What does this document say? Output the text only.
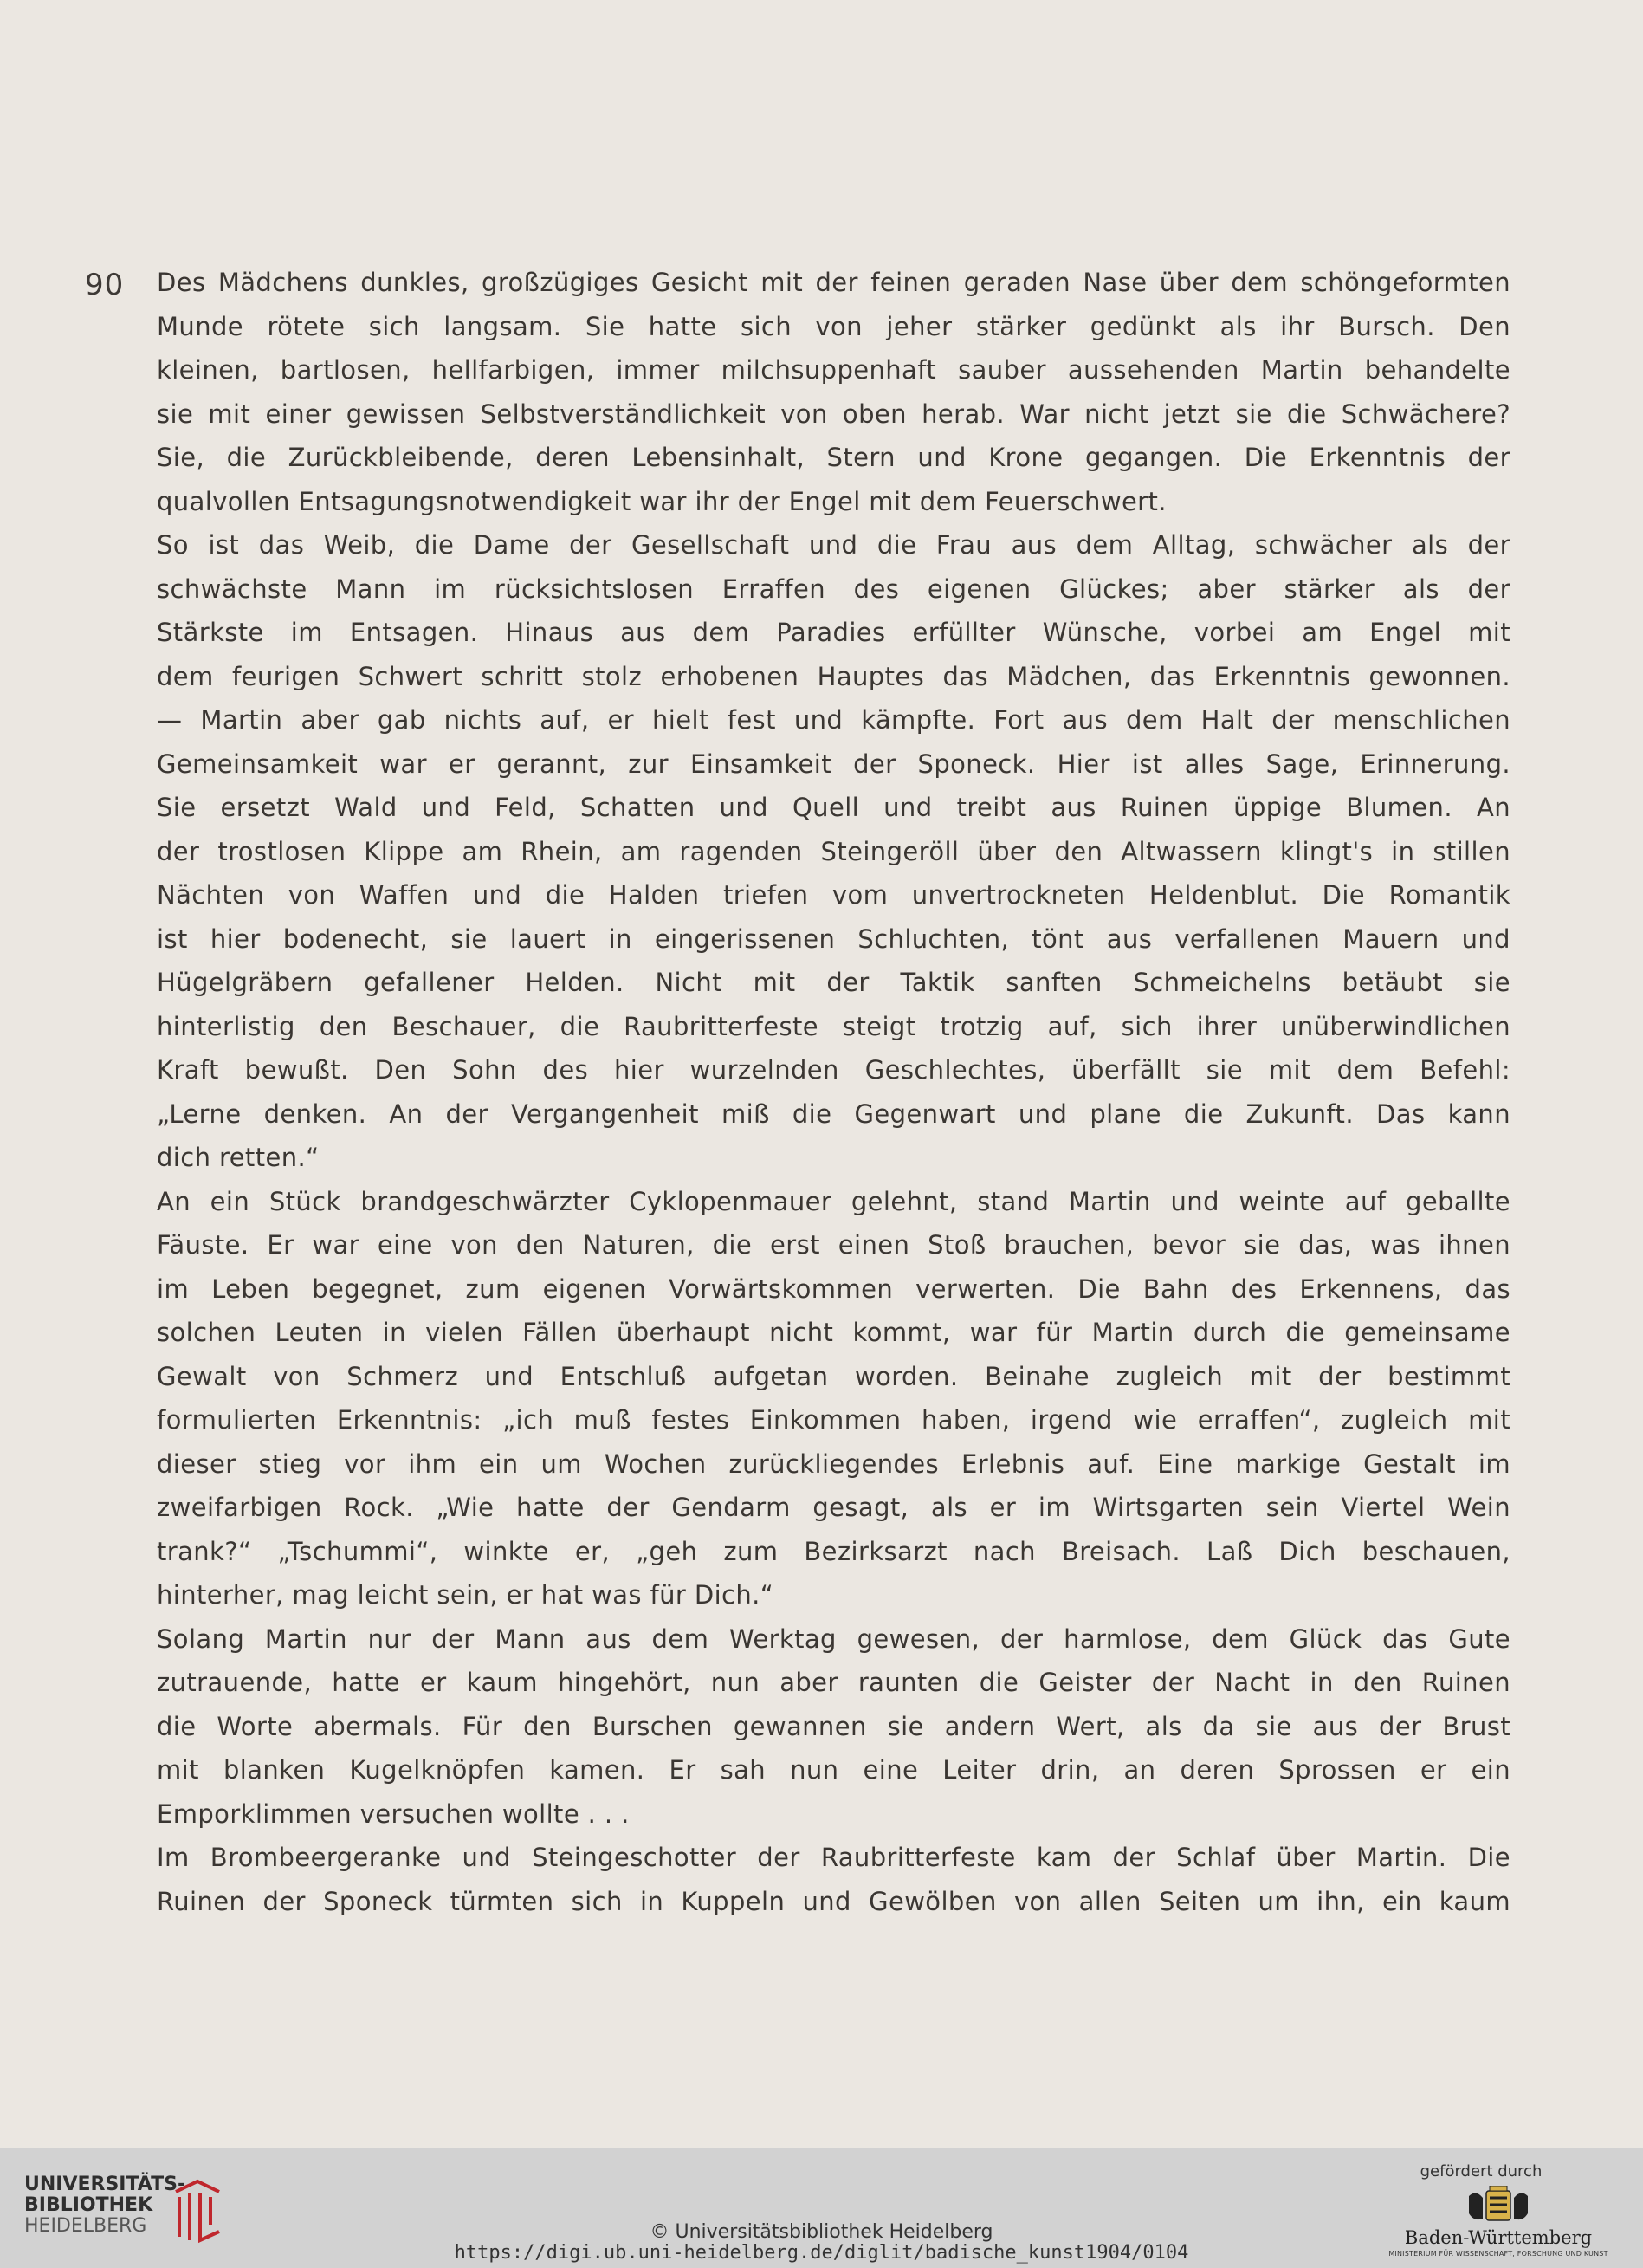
90 Des Mädchens dunkles, großzügiges Gesicht mit der feinen geraden Nase über dem schöngeformten
Munde rötete sich langsam. Sie hatte sich von jeher stärker gedünkt als ihr Bursch. Den
kleinen, bartlosen, hellfarbigen, immer milchsuppenhaft sauber aussehenden Martin behandelte
sie mit einer gewissen Selbstverständlichkeit von oben herab. War nicht jetzt sie die Schwächere?
Sie, die Zurückbleibende, deren Lebensinhalt, Stern und Krone gegangen. Die Erkenntnis der
qualvollen Entsagungsnotwendigkeit war ihr der Engel mit dem Feuerschwert.
So ist das Weib, die Dame der Gesellschaft und die Frau aus dem Alltag, schwächer als der
schwächste Mann im rücksichtslosen Erraffen des eigenen Glückes; aber stärker als der
Stärkste im Entsagen. Hinaus aus dem Paradies erfüllter Wünsche, vorbei am Engel mit
dem feurigen Schwert schritt stolz erhobenen Hauptes das Mädchen, das Erkenntnis gewonnen.
— Martin aber gab nichts auf, er hielt fest und kämpfte. Fort aus dem Halt der menschlichen
Gemeinsamkeit war er gerannt, zur Einsamkeit der Sponeck. Hier ist alles Sage, Erinnerung.
Sie ersetzt Wald und Feld, Schatten und Quell und treibt aus Ruinen üppige Blumen. An
der trostlosen Klippe am Rhein, am ragenden Steingeröll über den Altwassern klingt's in stillen
Nächten von Waffen und die Halden triefen vom unvertrockneten Heldenblut. Die Romantik
ist hier bodenecht, sie lauert in eingerissenen Schluchten, tönt aus verfallenen Mauern und
Hügelgräbern gefallener Helden. Nicht mit der Taktik sanften Schmeichelns betäubt sie
hinterlistig den Beschauer, die Raubritterfeste steigt trotzig auf, sich ihrer unüberwindlichen
Kraft bewußt. Den Sohn des hier wurzelnden Geschlechtes, überfällt sie mit dem Befehl:
„Lerne denken. An der Vergangenheit miß die Gegenwart und plane die Zukunft. Das kann
dich retten.“
An ein Stück brandgeschwärzter Cyklopenmauer gelehnt, stand Martin und weinte auf geballte
Fäuste. Er war eine von den Naturen, die erst einen Stoß brauchen, bevor sie das, was ihnen
im Leben begegnet, zum eigenen Vorwärtskommen verwerten. Die Bahn des Erkennens, das
solchen Leuten in vielen Fällen überhaupt nicht kommt, war für Martin durch die gemeinsame
Gewalt von Schmerz und Entschluß aufgetan worden. Beinahe zugleich mit der bestimmt
formulierten Erkenntnis: „ich muß festes Einkommen haben, irgend wie erraffen“, zugleich mit
dieser stieg vor ihm ein um Wochen zurückliegendes Erlebnis auf. Eine markige Gestalt im
zweifarbigen Rock. „Wie hatte der Gendarm gesagt, als er im Wirtsgarten sein Viertel Wein
trank?“ „Tschummi“, winkte er, „geh zum Bezirksarzt nach Breisach. Laß Dich beschauen,
hinterher, mag leicht sein, er hat was für Dich.“
Solang Martin nur der Mann aus dem Werktag gewesen, der harmlose, dem Glück das Gute
zutrauende, hatte er kaum hingehört, nun aber raunten die Geister der Nacht in den Ruinen
die Worte abermals. Für den Burschen gewannen sie andern Wert, als da sie aus der Brust
mit blanken Kugelknöpfen kamen. Er sah nun eine Leiter drin, an deren Sprossen er ein
Emporklimmen versuchen wollte . . .
Im Brombeergeranke und Steingeschotter der Raubritterfeste kam der Schlaf über Martin. Die
Ruinen der Sponeck türmten sich in Kuppeln und Gewölben von allen Seiten um ihn, ein kaum
UNIVERSITÄTS-
BIBLIOTHEK
HEIDELBERG	© Universitätsbibliothek Heidelberg
https://digi.ub.uni-heidelberg.de/diglit/badische_kunst1904/0104
gefördert durch
Baden-Württemberg
MINISTERIUM FÜR WISSENSCHAFT, FORSCHUNG UND KUNST
